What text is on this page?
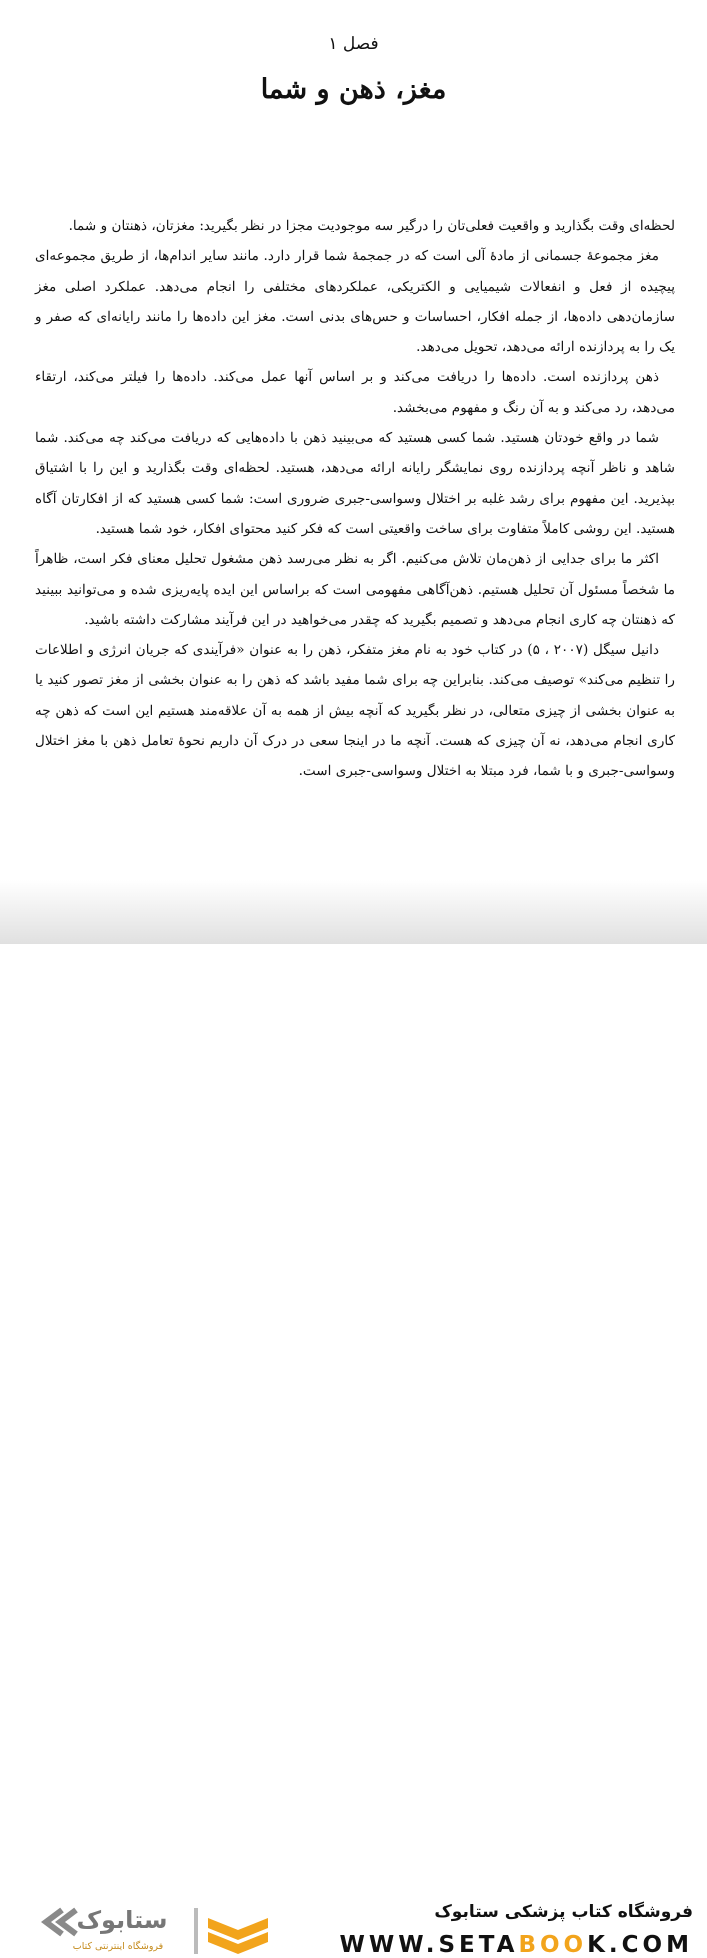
فصل ۱
مغز، ذهن و شما

لحظه‌ای وقت بگذارید و واقعیت فعلی‌تان را درگیر سه موجودیت مجزا در نظر بگیرید: مغزتان، ذهنتان و شما.

مغز مجموعهٔ جسمانی از مادهٔ آلی است که در جمجمهٔ شما قرار دارد. مانند سایر اندام‌ها، از طریق مجموعه‌ای پیچیده از فعل و انفعالات شیمیایی و الکتریکی، عملکردهای مختلفی را انجام می‌دهد. عملکرد اصلی مغز سازمان‌دهی داده‌ها، از جمله افکار، احساسات و حس‌های بدنی است. مغز این داده‌ها را مانند رایانه‌ای که صفر و یک را به پردازنده ارائه می‌دهد، تحویل می‌دهد.

ذهن پردازنده است. داده‌ها را دریافت می‌کند و بر اساس آنها عمل می‌کند. داده‌ها را فیلتر می‌کند، ارتقاء می‌دهد، رد می‌کند و به آن رنگ و مفهوم می‌بخشد.

شما در واقع خودتان هستید. شما کسی هستید که می‌بینید ذهن با داده‌هایی که دریافت می‌کند چه می‌کند. شما شاهد و ناظر آنچه پردازنده روی نمایشگر رایانه ارائه می‌دهد، هستید. لحظه‌ای وقت بگذارید و این را با اشتیاق بپذیرید. این مفهوم برای رشد غلبه بر اختلال وسواسی-جبری ضروری است: شما کسی هستید که از افکارتان آگاه هستید. این روشی کاملاً متفاوت برای ساخت واقعیتی است که فکر کنید محتوای افکار، خود شما هستید.

اکثر ما برای جدایی از ذهن‌مان تلاش می‌کنیم. اگر به نظر می‌رسد ذهن مشغول تحلیل معنای فکر است، ظاهراً ما شخصاً مسئول آن تحلیل هستیم. ذهن‌آگاهی مفهومی است که براساس این ایده پایه‌ریزی شده و می‌توانید ببینید که ذهنتان چه کاری انجام می‌دهد و تصمیم بگیرید که چقدر می‌خواهید در این فرآیند مشارکت داشته باشید.

دانیل سیگل (۲۰۰۷ ، ۵) در کتاب خود به نام مغز متفکر، ذهن را به عنوان «فرآیندی که جریان انرژی و اطلاعات را تنظیم می‌کند» توصیف می‌کند. بنابراین چه برای شما مفید باشد که ذهن را به عنوان بخشی از مغز تصور کنید یا به عنوان بخشی از چیزی متعالی، در نظر بگیرید که آنچه بیش از همه به آن علاقه‌مند هستیم این است که ذهن چه کاری انجام می‌دهد، نه آن چیزی که هست. آنچه ما در اینجا سعی در درک آن داریم نحوهٔ تعامل ذهن با مغز اختلال وسواسی-جبری و با شما، فرد مبتلا به اختلال وسواسی-جبری است.

ستابوک
فروشگاه اینترنتی کتاب
فروشگاه کتاب پزشکی ستابوک
WWW.SETABOOK.COM
